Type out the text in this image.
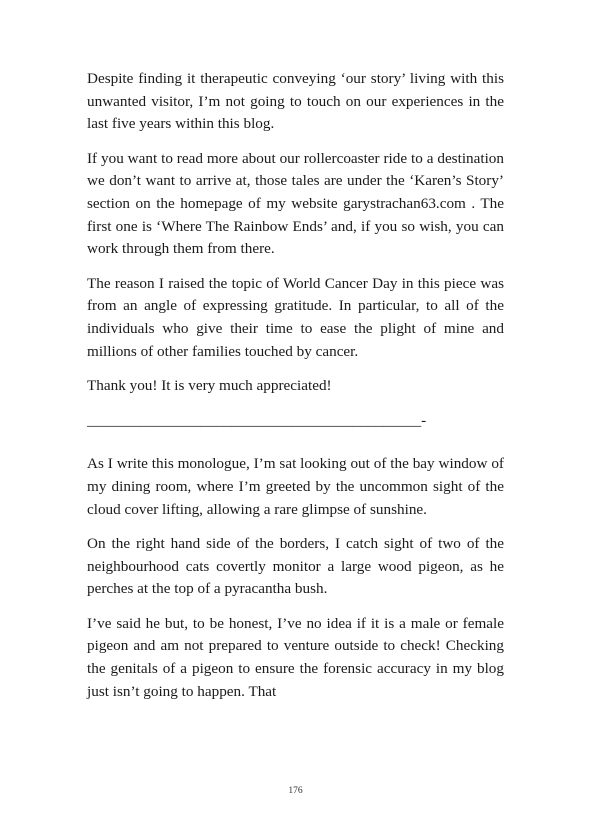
Despite finding it therapeutic conveying ‘our story’ living with this unwanted visitor, I’m not going to touch on our experiences in the last five years within this blog.

If you want to read more about our rollercoaster ride to a destination we don’t want to arrive at, those tales are under the ‘Karen’s Story’ section on the homepage of my website garystrachan63.com . The first one is ‘Where The Rainbow Ends’ and, if you so wish, you can work through them from there.

The reason I raised the topic of World Cancer Day in this piece was from an angle of expressing gratitude. In particular, to all of the individuals who give their time to ease the plight of mine and millions of other families touched by cancer.

Thank you! It is very much appreciated!

____________________________________________-

As I write this monologue, I’m sat looking out of the bay window of my dining room, where I’m greeted by the uncommon sight of the cloud cover lifting, allowing a rare glimpse of sunshine.

On the right hand side of the borders, I catch sight of two of the neighbourhood cats covertly monitor a large wood pigeon, as he perches at the top of a pyracantha bush.

I’ve said he but, to be honest, I’ve no idea if it is a male or female pigeon and am not prepared to venture outside to check! Checking the genitals of a pigeon to ensure the forensic accuracy in my blog just isn’t going to happen. That

176
